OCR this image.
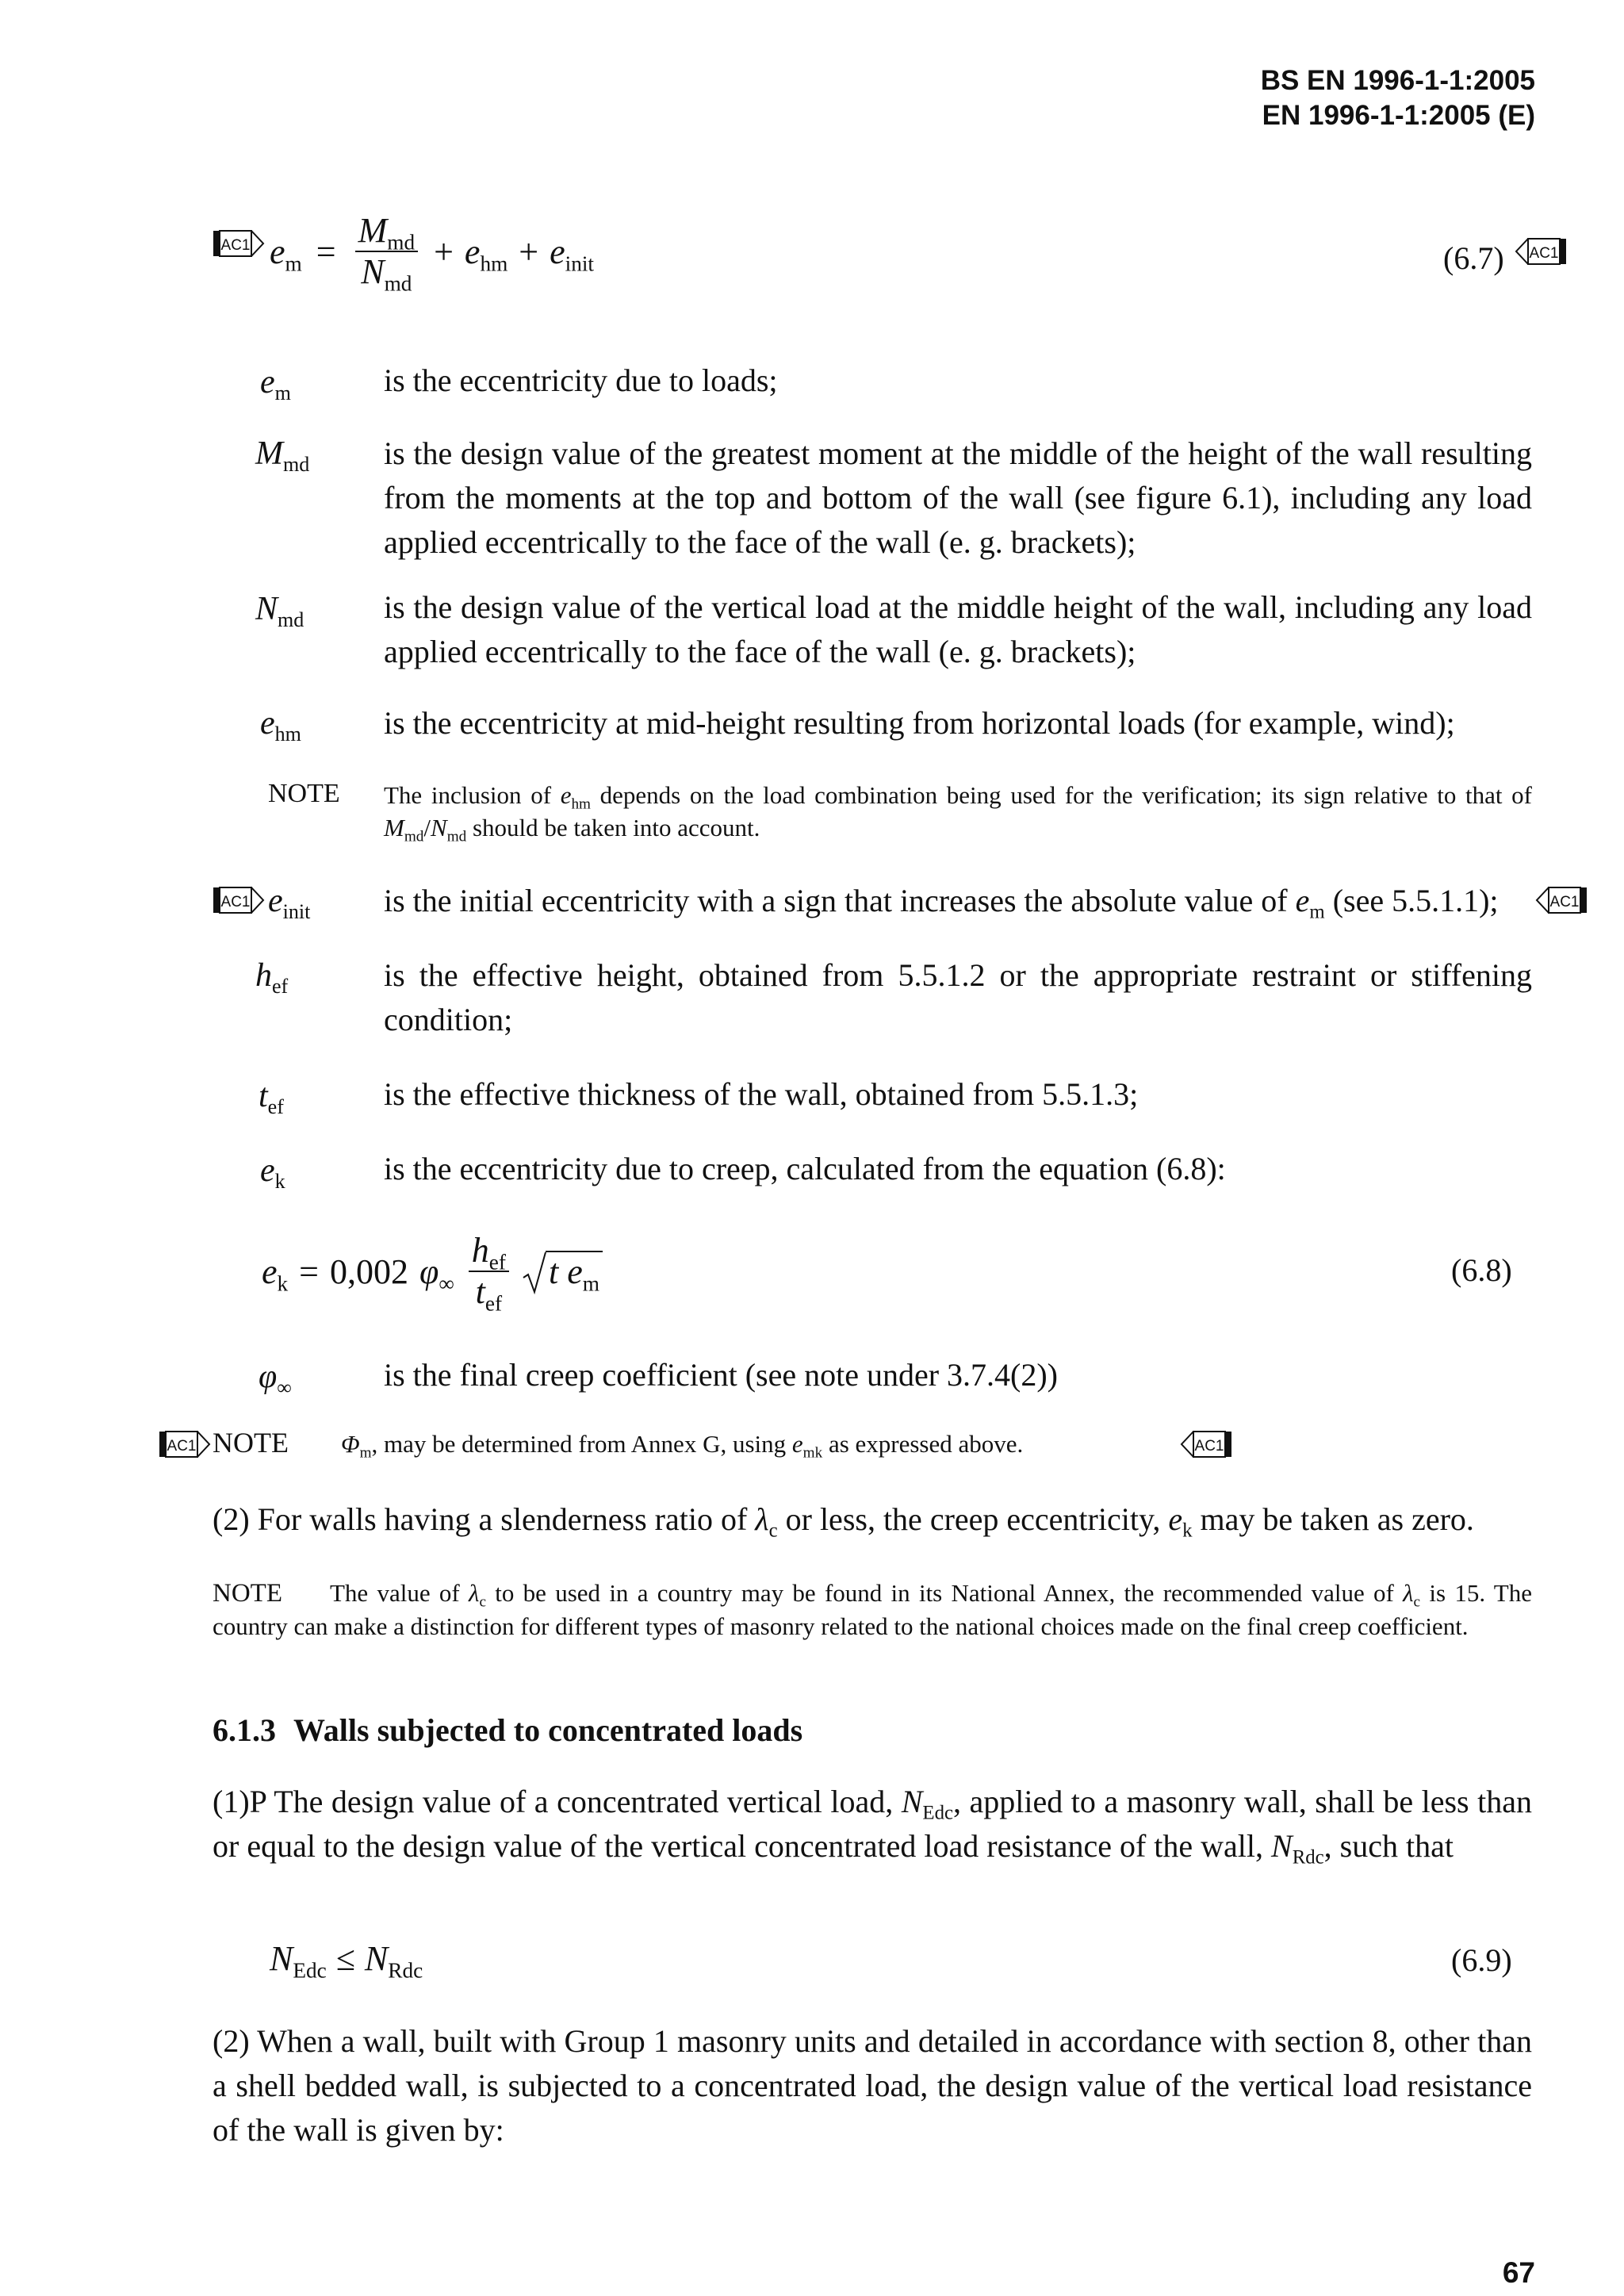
BS EN 1996-1-1:2005
EN 1996-1-1:2005 (E)
AC1 $e_m = \frac{M_{md}}{N_{md}} + e_{hm} + e_{init}$	(6.7) AC1
$e_m$	is the eccentricity due to loads;
$M_{md}$ is the design value of the greatest moment at the middle of the height of the wall resulting from the moments at the top and bottom of the wall (see figure 6.1), including any load applied eccentrically to the face of the wall (e. g. brackets);
$N_{md}$	is the design value of the vertical load at the middle height of the wall, including any load applied eccentrically to the face of the wall (e. g. brackets);
$e_{hm}$	is the eccentricity at mid-height resulting from horizontal loads (for example, wind);
NOTE The inclusion of $e_{hm}$ depends on the load combination being used for the verification; its sign relative to that of $M_{md}/N_{md}$ should be taken into account.
AC1 $e_{init}$ is the initial eccentricity with a sign that increases the absolute value of $e_m$ (see 5.5.1.1);	AC1
$h_{ef}$	is the effective height, obtained from 5.5.1.2 or the appropriate restraint or stiffening condition;
$t_{ef}$	is the effective thickness of the wall, obtained from 5.5.1.3;
$e_k$	is the eccentricity due to creep, calculated from the equation (6.8):
$e_k = 0,002$ $\varphi_\infty \frac{h_{ef}}{t_{ef}}$	t $e_m$	(6.8)
$\varphi_\infty$	is the final creep coefficient (see note under 3.7.4(2))
AC1 NOTE $\Phi_m$, may be determined from Annex G, using $e_{mk}$ as expressed above.	AC1
(2) For walls having a slenderness ratio of $\lambda_c$ or less, the creep eccentricity, $e_k$ may be taken as zero.
NOTE The value of $\lambda_c$ to be used in a country may be found in its National Annex, the recommended value of $\lambda_c$ is 15. The country can make a distinction for different types of masonry related to the national choices made on the final creep coefficient.
6.1.3 Walls subjected to concentrated loads
(1)P The design value of a concentrated vertical load, $N_{Edc}$, applied to a masonry wall, shall be less than or equal to the design value of the vertical concentrated load resistance of the wall, $N_{Rdc}$, such that
$N_{Edc} \le N_{Rdc}$	(6.9)
(2) When a wall, built with Group 1 masonry units and detailed in accordance with section 8, other than a shell bedded wall, is subjected to a concentrated load, the design value of the vertical load resistance of the wall is given by:
67
